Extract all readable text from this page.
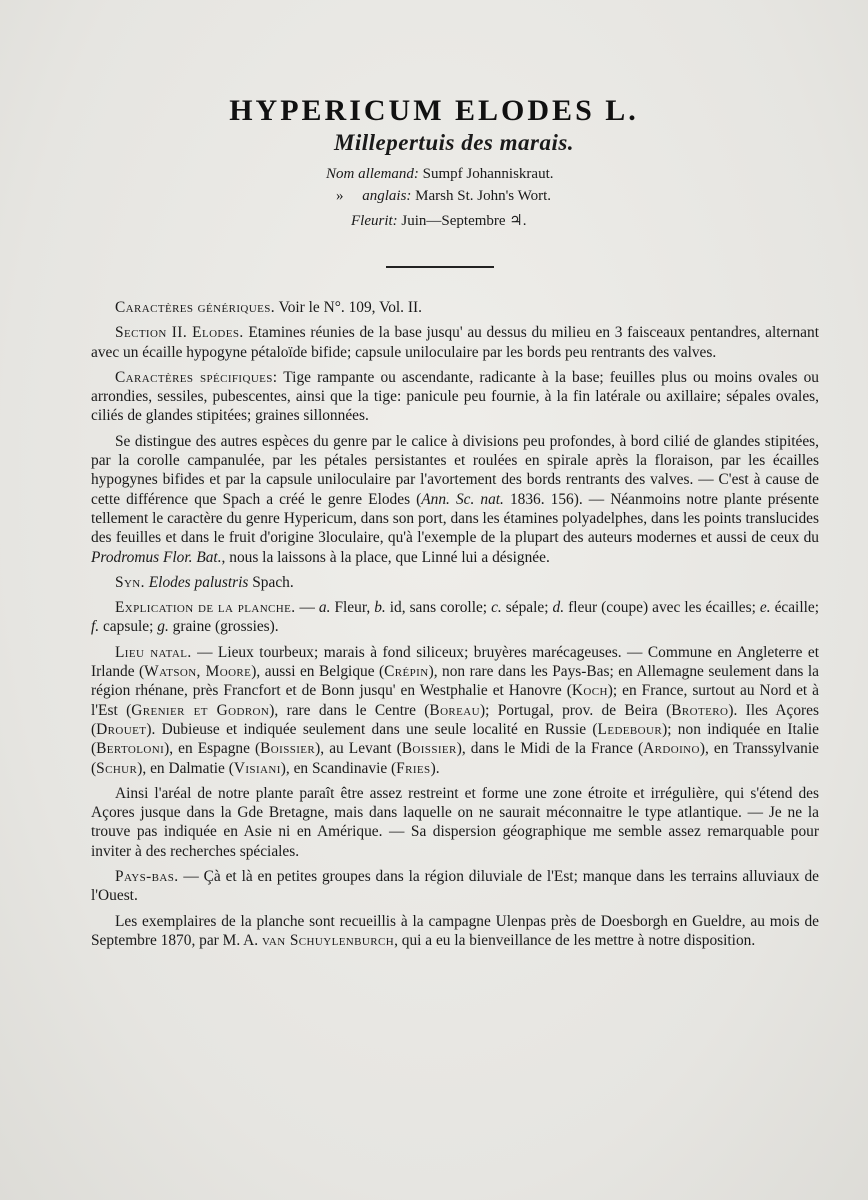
HYPERICUM ELODES L.
Millepertuis des marais.
Nom allemand: Sumpf Johanniskraut.
» anglais: Marsh St. John's Wort.
Fleurit: Juin—Septembre ♃.

Caractères génériques. Voir le N°. 109, Vol. II.

Section II. Elodes. Etamines réunies de la base jusqu' au dessus du milieu en 3 faisceaux pentandres, alternant avec un écaille hypogyne pétaloïde bifide; capsule uniloculaire par les bords peu rentrants des valves.

Caractères spécifiques: Tige rampante ou ascendante, radicante à la base; feuilles plus ou moins ovales ou arrondies, sessiles, pubescentes, ainsi que la tige: panicule peu fournie, à la fin latérale ou axillaire; sépales ovales, ciliés de glandes stipitées; graines sillonnées.

Se distingue des autres espèces du genre par le calice à divisions peu profondes, à bord cilié de glandes stipitées, par la corolle campanulée, par les pétales persistantes et roulées en spirale après la floraison, par les écailles hypogynes bifides et par la capsule uniloculaire par l'avortement des bords rentrants des valves. — C'est à cause de cette différence que Spach a créé le genre Elodes (Ann. Sc. nat. 1836. 156). — Néanmoins notre plante présente tellement le caractère du genre Hypericum, dans son port, dans les étamines polyadelphes, dans les points translucides des feuilles et dans le fruit d'origine 3loculaire, qu'à l'exemple de la plupart des auteurs modernes et aussi de ceux du Prodromus Flor. Bat., nous la laissons à la place, que Linné lui a désignée.

Syn. Elodes palustris Spach.

Explication de la planche. — a. Fleur, b. id, sans corolle; c. sépale; d. fleur (coupe) avec les écailles; e. écaille; f. capsule; g. graine (grossies).

Lieu natal. — Lieux tourbeux; marais à fond siliceux; bruyères marécageuses. — Commune en Angleterre et Irlande (Watson, Moore), aussi en Belgique (Crépin), non rare dans les Pays-Bas; en Allemagne seulement dans la région rhénane, près Francfort et de Bonn jusqu' en Westphalie et Hanovre (Koch); en France, surtout au Nord et à l'Est (Grenier et Godron), rare dans le Centre (Boreau); Portugal, prov. de Beira (Brotero). Iles Açores (Drouet). Dubieuse et indiquée seulement dans une seule localité en Russie (Ledebour); non indiquée en Italie (Bertoloni), en Espagne (Boissier), au Levant (Boissier), dans le Midi de la France (Ardoino), en Transsylvanie (Schur), en Dalmatie (Visiani), en Scandinavie (Fries).

Ainsi l'aréal de notre plante paraît être assez restreint et forme une zone étroite et irrégulière, qui s'étend des Açores jusque dans la Gde Bretagne, mais dans laquelle on ne saurait méconnaitre le type atlantique. — Je ne la trouve pas indiquée en Asie ni en Amérique. — Sa dispersion géographique me semble assez remarquable pour inviter à des recherches spéciales.

Pays-bas. — Çà et là en petites groupes dans la région diluviale de l'Est; manque dans les terrains alluviaux de l'Ouest.

Les exemplaires de la planche sont recueillis à la campagne Ulenpas près de Doesborgh en Gueldre, au mois de Septembre 1870, par M. A. van Schuylenburch, qui a eu la bienveillance de les mettre à notre disposition.
